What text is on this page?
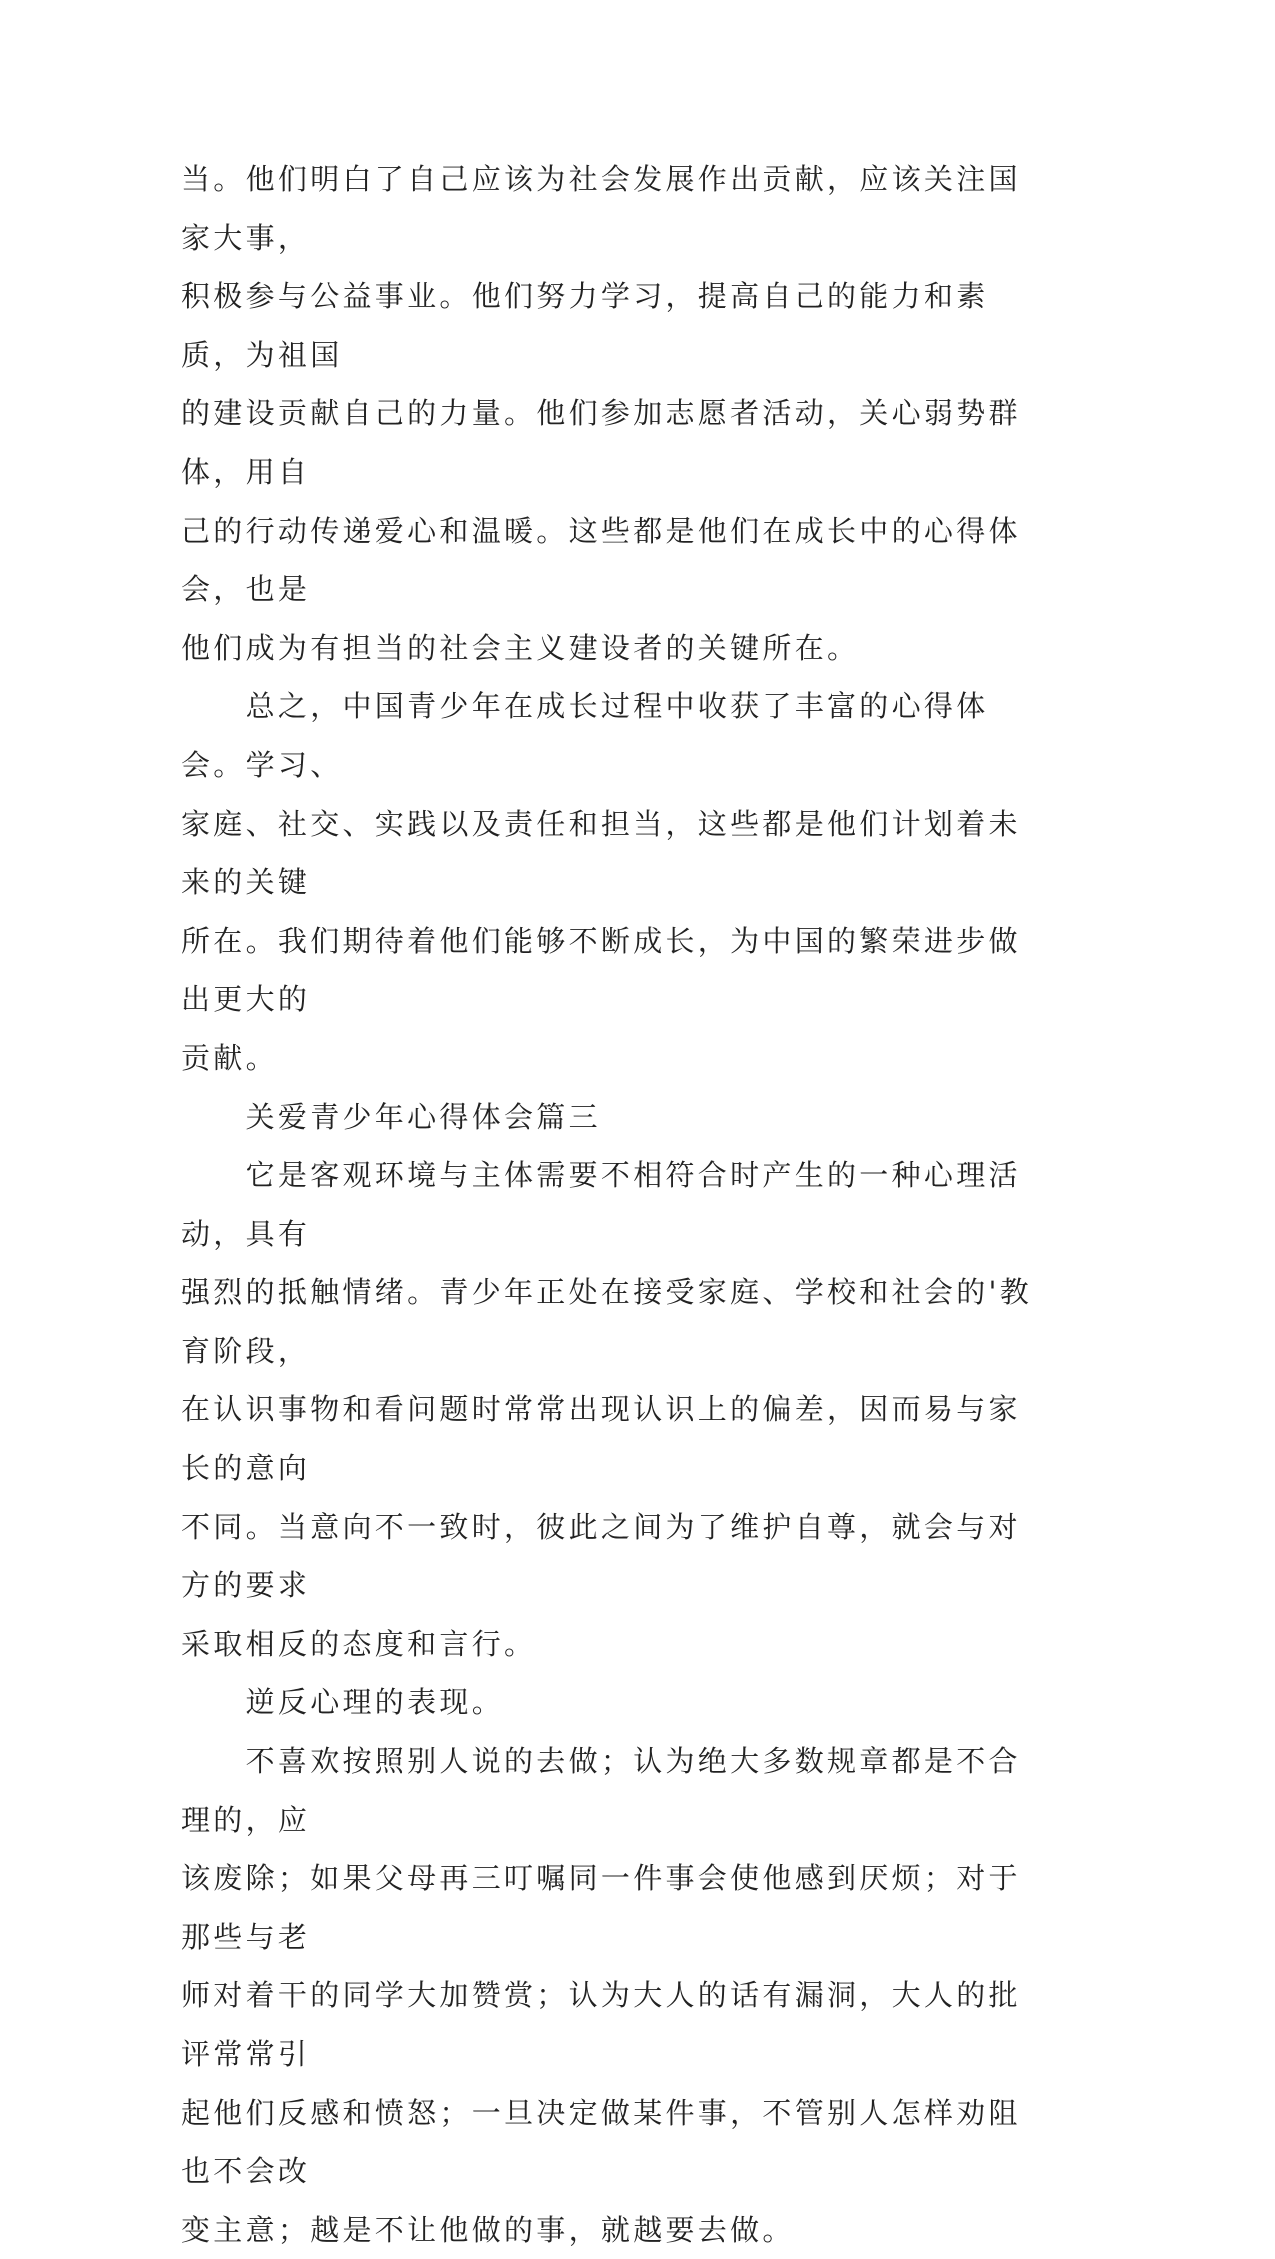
当。他们明白了自己应该为社会发展作出贡献，应该关注国家大事，
积极参与公益事业。他们努力学习，提高自己的能力和素质，为祖国
的建设贡献自己的力量。他们参加志愿者活动，关心弱势群体，用自
己的行动传递爱心和温暖。这些都是他们在成长中的心得体会，也是
他们成为有担当的社会主义建设者的关键所在。

　　总之，中国青少年在成长过程中收获了丰富的心得体会。学习、
家庭、社交、实践以及责任和担当，这些都是他们计划着未来的关键
所在。我们期待着他们能够不断成长，为中国的繁荣进步做出更大的
贡献。

　　关爱青少年心得体会篇三

　　它是客观环境与主体需要不相符合时产生的一种心理活动，具有
强烈的抵触情绪。青少年正处在接受家庭、学校和社会的'教育阶段，
在认识事物和看问题时常常出现认识上的偏差，因而易与家长的意向
不同。当意向不一致时，彼此之间为了维护自尊，就会与对方的要求
采取相反的态度和言行。

　　逆反心理的表现。

　　不喜欢按照别人说的去做；认为绝大多数规章都是不合理的，应
该废除；如果父母再三叮嘱同一件事会使他感到厌烦；对于那些与老
师对着干的同学大加赞赏；认为大人的话有漏洞，大人的批评常常引
起他们反感和愤怒；一旦决定做某件事，不管别人怎样劝阻也不会改
变主意；越是不让他做的事，就越要去做。
